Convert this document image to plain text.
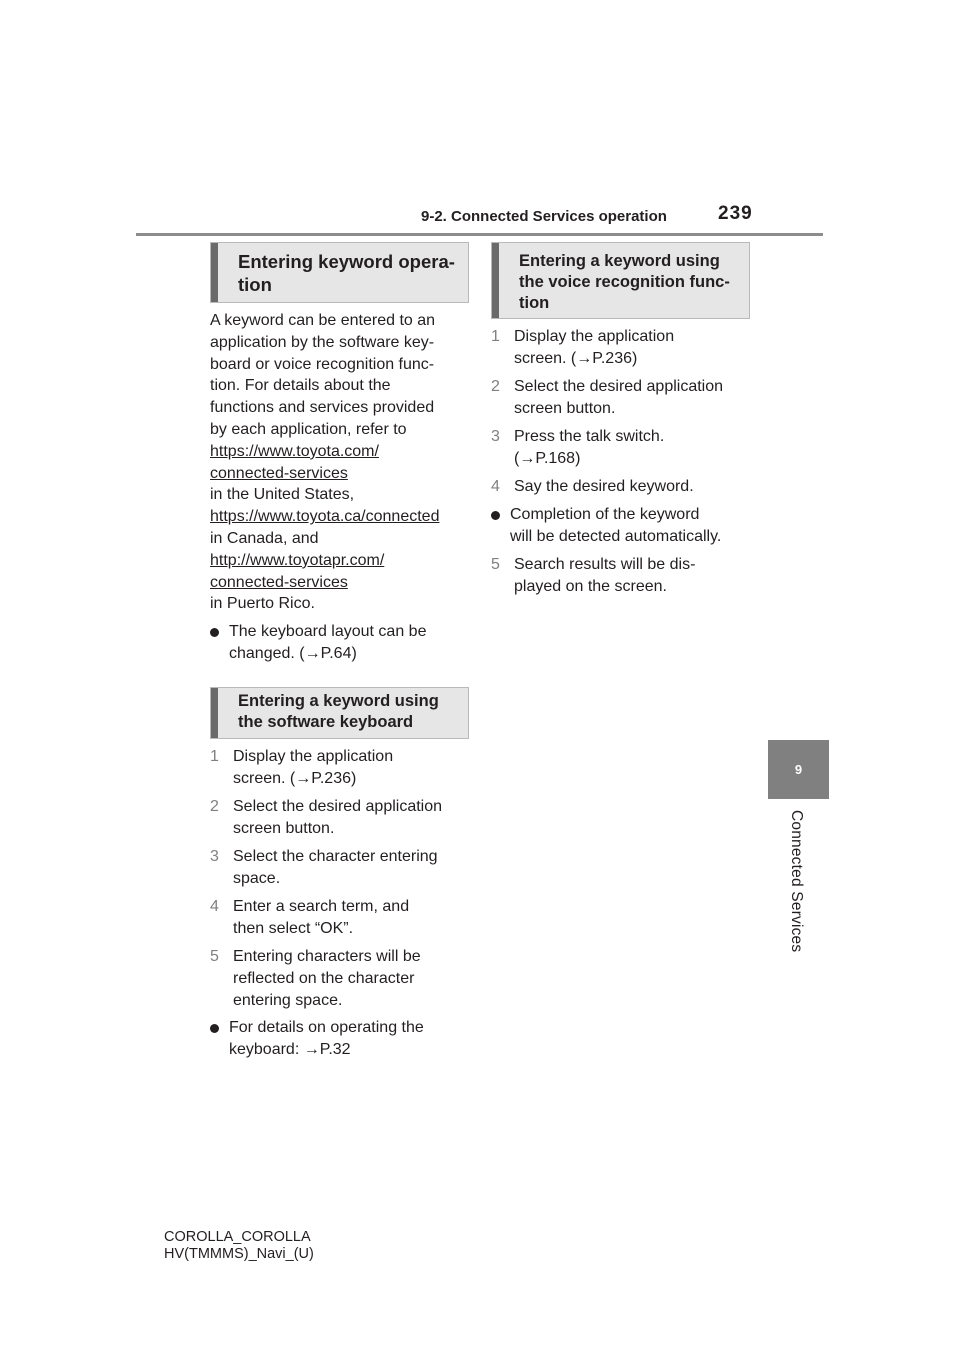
9-2. Connected Services operation	239
9
Connected Services
Entering keyword opera-
tion
A keyword can be entered to an
application by the software key-
board or voice recognition func-
tion. For details about the
functions and services provided
by each application, refer to
https://www.toyota.com/
connected-services
in the United States,
https://www.toyota.ca/connected
in Canada, and
http://www.toyotapr.com/
connected-services
in Puerto Rico.
The keyboard layout can be
changed. (→P.64)
Entering a keyword using
the software keyboard
1 Display the application
screen. (→P.236)
2 Select the desired application
screen button.
3 Select the character entering
space.
4 Enter a search term, and
then select “OK”.
5 Entering characters will be
reflected on the character
entering space.
For details on operating the
keyboard: →P.32
Entering a keyword using
the voice recognition func-
tion
1 Display the application
screen. (→P.236)
2 Select the desired application
screen button.
3 Press the talk switch.
(→P.168)
4 Say the desired keyword.
Completion of the keyword
will be detected automatically.
5 Search results will be dis-
played on the screen.
COROLLA_COROLLA
HV(TMMMS)_Navi_(U)
